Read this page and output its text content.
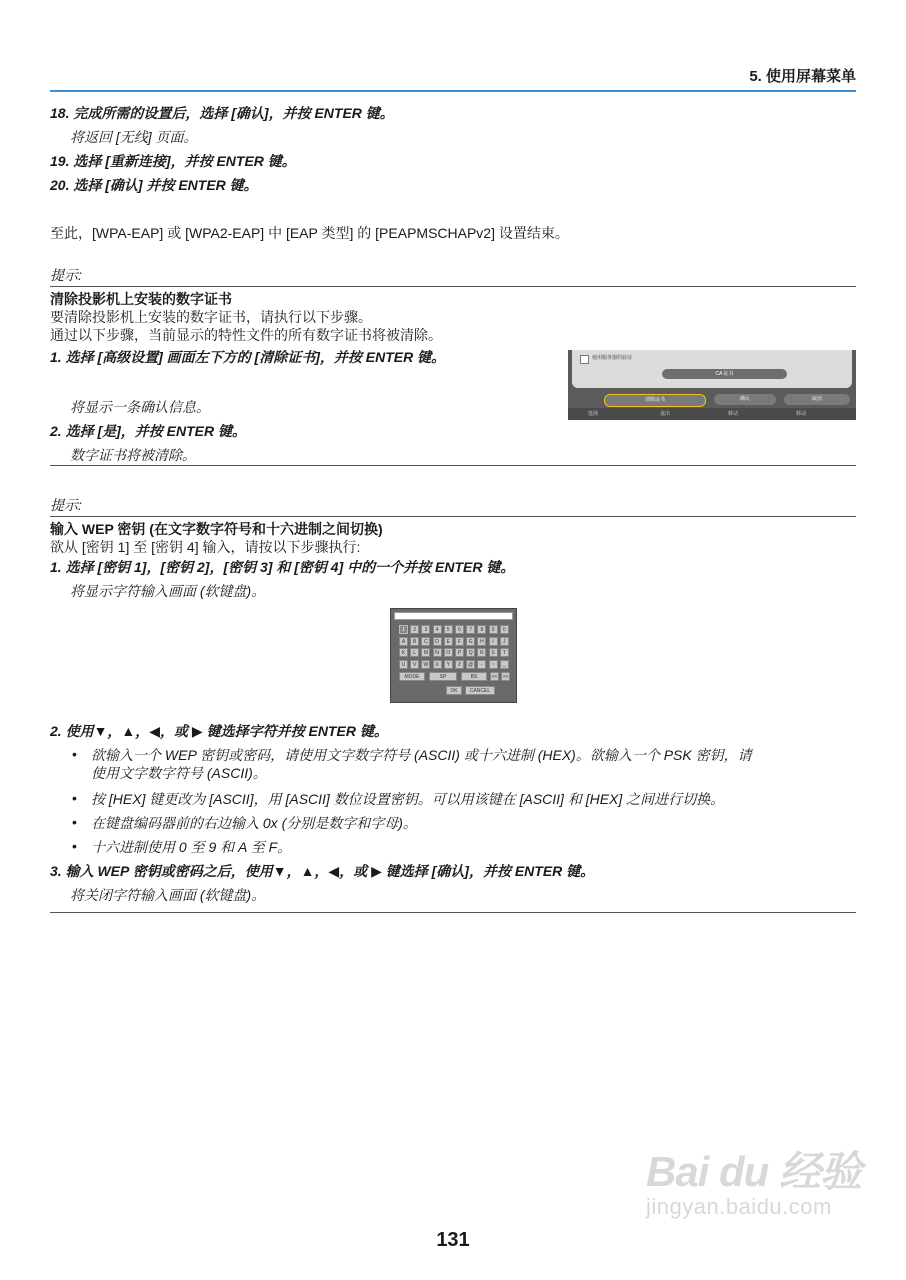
5. 使用屏幕菜单
18. 完成所需的设置后，选择 [确认]，并按 ENTER 键。
将返回 [无线] 页面。
19. 选择 [重新连接]，并按 ENTER 键。
20. 选择 [确认] 并按 ENTER 键。
至此，[WPA-EAP] 或 [WPA2-EAP] 中 [EAP 类型] 的 [PEAPMSCHAPv2] 设置结束。
提示:
清除投影机上安装的数字证书
要清除投影机上安装的数字证书，请执行以下步骤。
通过以下步骤，当前显示的特性文件的所有数字证书将被清除。
1. 选择 [高级设置] 画面左下方的 [清除证书]，并按 ENTER 键。	使用服务器的验证
CA 证书
清除证书	确认	取消
选择	退出	移动	移动
将显示一条确认信息。
2. 选择 [是]，并按 ENTER 键。
数字证书将被清除。
提示:
输入 WEP 密钥 (在文字数字符号和十六进制之间切换)
欲从 [密钥 1] 至 [密钥 4] 输入，请按以下步骤执行:
1. 选择 [密钥 1]，[密钥 2]，[密钥 3] 和 [密钥 4] 中的一个并按 ENTER 键。
将显示字符输入画面 (软键盘)。
1	2	3	4	5	6	7	8	9	0
A	B	C	D	E	F	G	H	I	J
K	L	M	N	O	P	Q	R	S	T
U	V	W	X	Y	Z	@	-	~	_
MODE	SP	BS	<<	>>
OK	CANCEL
2. 使用▼，▲，◀，或 ▶ 键选择字符并按 ENTER 键。
• 欲输入一个 WEP 密钥或密码，请使用文字数字符号 (ASCII) 或十六进制 (HEX)。欲输入一个 PSK 密钥，请
使用文字数字符号 (ASCII)。
• 按 [HEX] 键更改为 [ASCII]，用 [ASCII] 数位设置密钥。可以用该键在 [ASCII] 和 [HEX] 之间进行切换。
• 在键盘编码器前的右边输入 0x (分别是数字和字母)。
• 十六进制使用 0 至 9 和 A 至 F。
3. 输入 WEP 密钥或密码之后，使用▼，▲，◀，或 ▶ 键选择 [确认]，并按 ENTER 键。
将关闭字符输入画面 (软键盘)。
131
Bai du 经验
jingyan.baidu.com
